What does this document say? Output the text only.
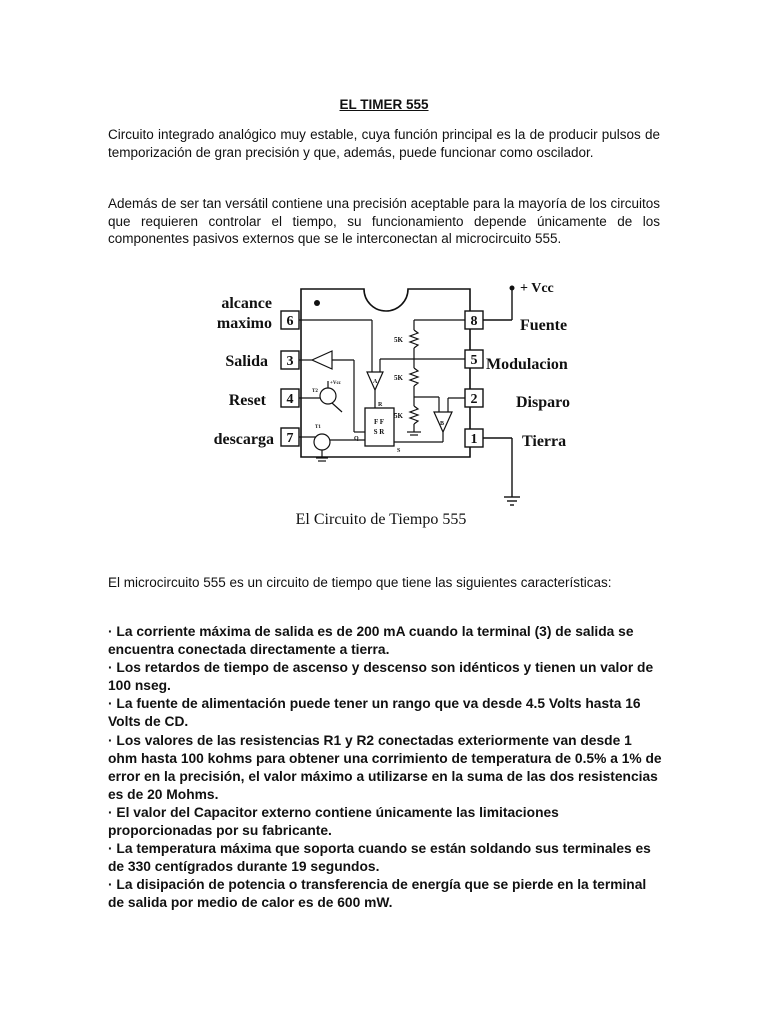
EL TIMER 555

Circuito integrado analógico muy estable, cuya función principal es la de producir pulsos de temporización de gran precisión y que, además, puede funcionar como oscilador.

Además de ser tan versátil contiene una precisión aceptable para la mayoría de los circuitos que requieren controlar el tiempo, su funcionamiento depende únicamente de los componentes pasivos externos que se le interconectan al microcircuito 555.

6
3
4
7
8
5
2
1
alcance
maximo
Salida
Reset
descarga
Fuente
Modulacion
Disparo
Tierra
+ Vcc
5K
5K
5K
A
B
F F
S R
R
S
Q
T2
+Vcc
T1
El Circuito de Tiempo 555

El microcircuito 555 es un circuito de tiempo que tiene las siguientes características:

· La corriente máxima de salida es de 200 mA cuando la terminal (3) de salida se encuentra conectada directamente a tierra.
· Los retardos de tiempo de ascenso y descenso son idénticos y tienen un valor de 100 nseg.
· La fuente de alimentación puede tener un rango que va desde 4.5 Volts hasta 16 Volts de CD.
· Los valores de las resistencias R1 y R2 conectadas exteriormente van desde 1 ohm hasta 100 kohms para obtener una corrimiento de temperatura de 0.5% a 1% de error en la precisión, el valor máximo a utilizarse en la suma de las dos resistencias es de 20 Mohms.
· El valor del Capacitor externo contiene únicamente las limitaciones proporcionadas por su fabricante.
· La temperatura máxima que soporta cuando se están soldando sus terminales es de 330 centígrados durante 19 segundos.
· La disipación de potencia o transferencia de energía que se pierde en la terminal de salida por medio de calor es de 600 mW.
